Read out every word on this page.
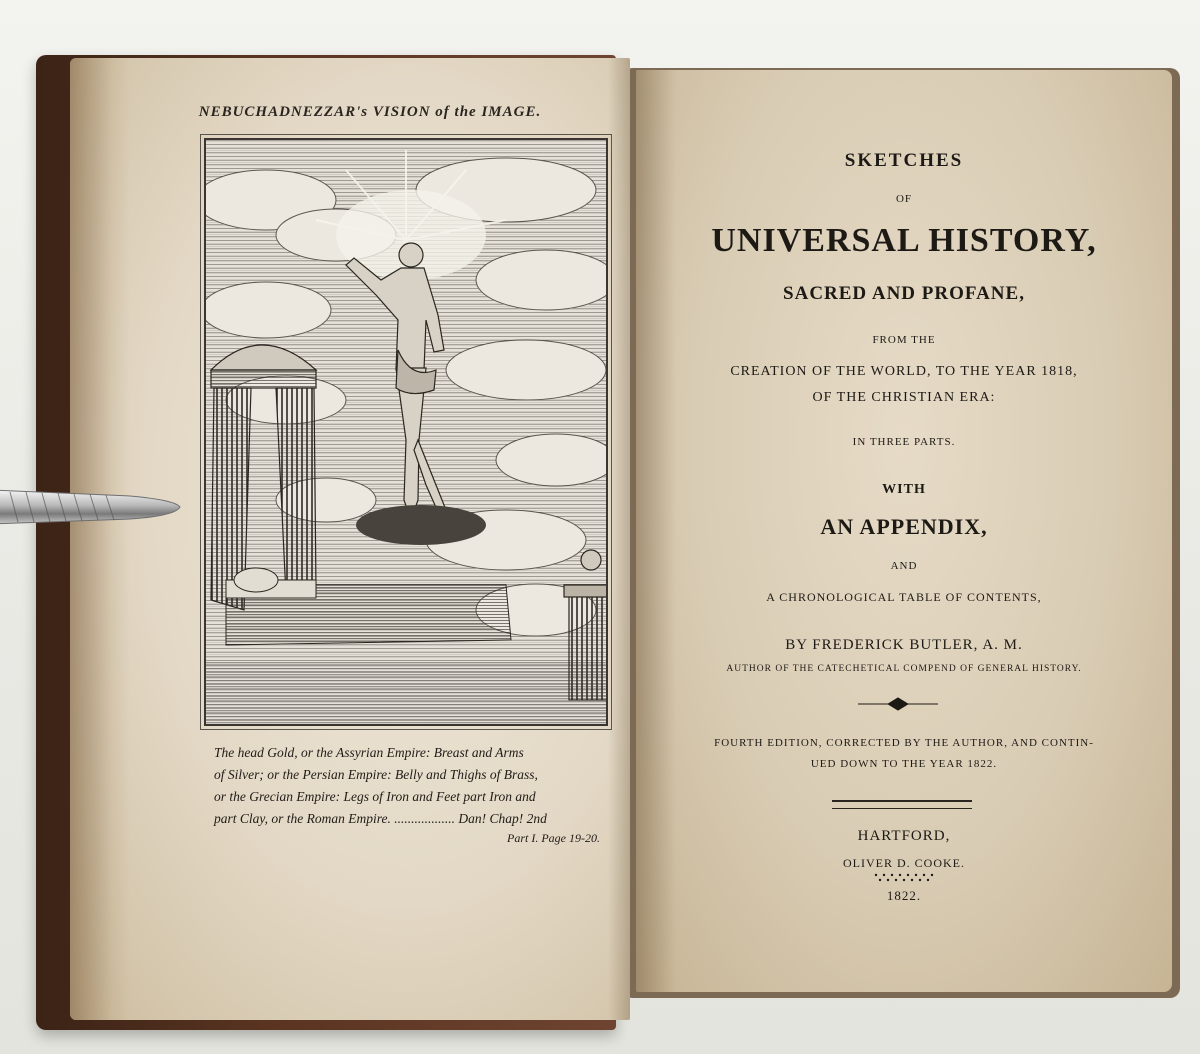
NEBUCHADNEZZAR's VISION of the IMAGE.
The head Gold, or the Assyrian Empire: Breast and Arms
of Silver; or the Persian Empire: Belly and Thighs of Brass,
or the Grecian Empire: Legs of Iron and Feet part Iron and
part Clay, or the Roman Empire. .................. Dan! Chap! 2nd
Part I. Page 19-20.
SKETCHES
OF
UNIVERSAL HISTORY,
SACRED AND PROFANE,
FROM THE
CREATION OF THE WORLD, TO THE YEAR 1818,
OF THE CHRISTIAN ERA:
IN THREE PARTS.
WITH
AN APPENDIX,
AND
A CHRONOLOGICAL TABLE OF CONTENTS,
BY FREDERICK BUTLER, A. M.
AUTHOR OF THE CATECHETICAL COMPEND OF GENERAL HISTORY.
FOURTH EDITION, CORRECTED BY THE AUTHOR, AND CONTIN-
UED DOWN TO THE YEAR 1822.
HARTFORD,
OLIVER D. COOKE.
1822.
